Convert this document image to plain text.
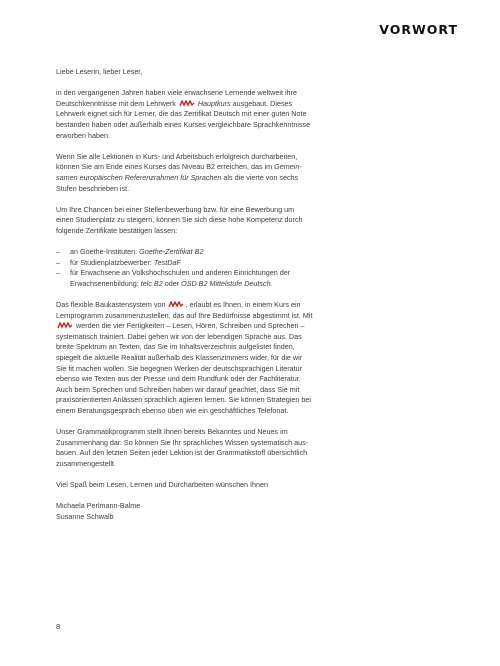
VORWORT

Liebe Leserin, lieber Leser,

in den vergangenen Jahren haben viele erwachsene Lernende weltweit ihre
Deutschkenntnisse mit dem Lehrwerk	Hauptkurs ausgebaut. Dieses
Lehrwerk eignet sich für Lerner, die das Zertifikat Deutsch mit einer guten Note
bestanden haben oder außerhalb eines Kurses vergleichbare Sprachkenntnisse
erworben haben.

Wenn Sie alle Lektionen in Kurs- und Arbeitsbuch erfolgreich durcharbeiten,
können Sie am Ende eines Kurses das Niveau B2 erreichen, das im Gemein-
samen europäischen Referenzrahmen für Sprachen als die vierte von sechs
Stufen beschrieben ist.

Um Ihre Chancen bei einer Stellenbewerbung bzw. für eine Bewerbung um
einen Studienplatz zu steigern, können Sie sich diese hohe Kompetenz durch
folgende Zertifikate bestätigen lassen:

– an Goethe-Instituten: Goethe-Zertifikat B2
– für Studienplatzbewerber: TestDaF
– für Erwachsene an Volkshochschulen und anderen Einrichtungen der
Erwachsenenbildung: telc B2 oder ÖSD B2 Mittelstufe Deutsch.

Das flexible Baukastensystem von	, erlaubt es Ihnen, in einem Kurs ein
Lernprogramm zusammenzustellen, das auf Ihre Bedürfnisse abgestimmt ist. Mit
werden die vier Fertigkeiten – Lesen, Hören, Schreiben und Sprechen –
systematisch trainiert. Dabei gehen wir von der lebendigen Sprache aus. Das
breite Spektrum an Texten, das Sie im Inhaltsverzeichnis aufgelistet finden,
spiegelt die aktuelle Realität außerhalb des Klassenzimmers wider, für die wir
Sie fit machen wollen. Sie begegnen Werken der deutschsprachigen Literatur
ebenso wie Texten aus der Presse und dem Rundfunk oder der Fachliteratur.
Auch beim Sprechen und Schreiben haben wir darauf geachtet, dass Sie mit
praxisorientierten Anlässen sprachlich agieren lernen. Sie können Strategien bei
einem Beratungsgespräch ebenso üben wie ein geschäftliches Telefonat.

Unser Grammatikprogramm stellt Ihnen bereits Bekanntes und Neues im
Zusammenhang dar. So können Sie Ihr sprachliches Wissen systematisch aus-
bauen. Auf den letzten Seiten jeder Lektion ist der Grammatikstoff übersichtlich
zusammengestellt.

Viel Spaß beim Lesen, Lernen und Durcharbeiten wünschen Ihnen

Michaela Perlmann-Balme
Susanne Schwalb

8
